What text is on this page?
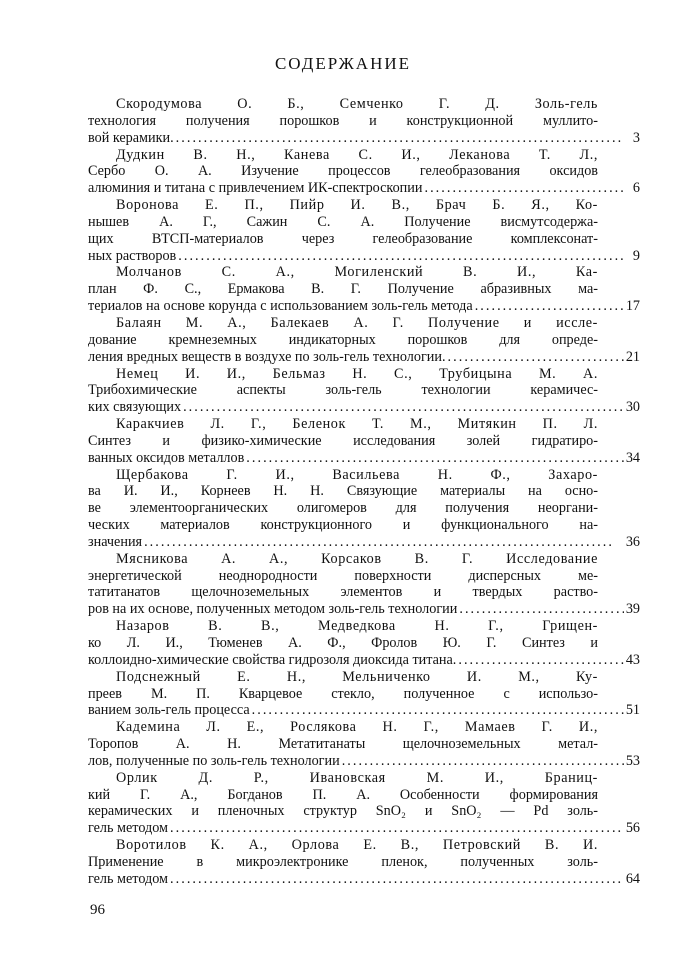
СОДЕРЖАНИЕ
Скородумова О. Б., Семченко Г. Д. Золь-гель
технология получения порошков и конструкционной муллито-
вой керамики. . . .	3
Дудкин В. Н., Канева С. И., Леканова Т. Л.,
Сербо О. А. Изучение процессов гелеобразования оксидов
алюминия и титана с привлечением ИК-спектроскопии . . .	6
Воронова Е. П., Пийр И. В., Брач Б. Я., Ко-
нышев А. Г., Сажин С. А. Получение висмутсодержа-
щих ВТСП-материалов через гелеобразование комплексонат-
ных растворов . . .	9
Молчанов С. А., Могиленский В. И., Ка-
план Ф. С., Ермакова В. Г. Получение абразивных ма-
териалов на основе корунда с использованием золь-гель метода . . .	17
Балаян М. А., Балекаев А. Г. Получение и иссле-
дование кремнеземных индикаторных порошков для опреде-
ления вредных веществ в воздухе по золь-гель технологии. . . .	21
Немец И. И., Бельмаз Н. С., Трубицына М. А.
Трибохимические аспекты золь-гель технологии керамичес-
ких связующих . . .	30
Каракчиев Л. Г., Беленок Т. М., Митякин П. Л.
Синтез и физико-химические исследования золей гидратиро-
ванных оксидов металлов . . .	34
Щербакова Г. И., Васильева Н. Ф., Захаро-
ва И. И., Корнеев Н. Н. Связующие материалы на осно-
ве элементоорганических олигомеров для получения неоргани-
ческих материалов конструкционного и функционального на-
значения . . .	36
Мясникова А. А., Корсаков В. Г. Исследование
энергетической неоднородности поверхности дисперсных ме-
татитанатов щелочноземельных элементов и твердых раство-
ров на их основе, полученных методом золь-гель технологии . . .	39
Назаров В. В., Медведкова Н. Г., Грищен-
ко Л. И., Тюменев А. Ф., Фролов Ю. Г. Синтез и
коллоидно-химические свойства гидрозоля диоксида титана. . . .	43
Подснежный Е. Н., Мельниченко И. М., Ку-
преев М. П. Кварцевое стекло, полученное с использо-
ванием золь-гель процесса . . .	51
Кадемина Л. Е., Рослякова Н. Г., Мамаев Г. И.,
Торопов А. Н. Метатитанаты щелочноземельных метал-
лов, полученные по золь-гель технологии . . .	53
Орлик Д. Р., Ивановская М. И., Браниц-
кий Г. А., Богданов П. А. Особенности формирования
керамических и пленочных структур SnO₂ и SnO₂ — Pd золь-
гель методом . . .	56
Воротилов К. А., Орлова Е. В., Петровский В. И.
Применение в микроэлектронике пленок, полученных золь-
гель методом . . .	64
96
